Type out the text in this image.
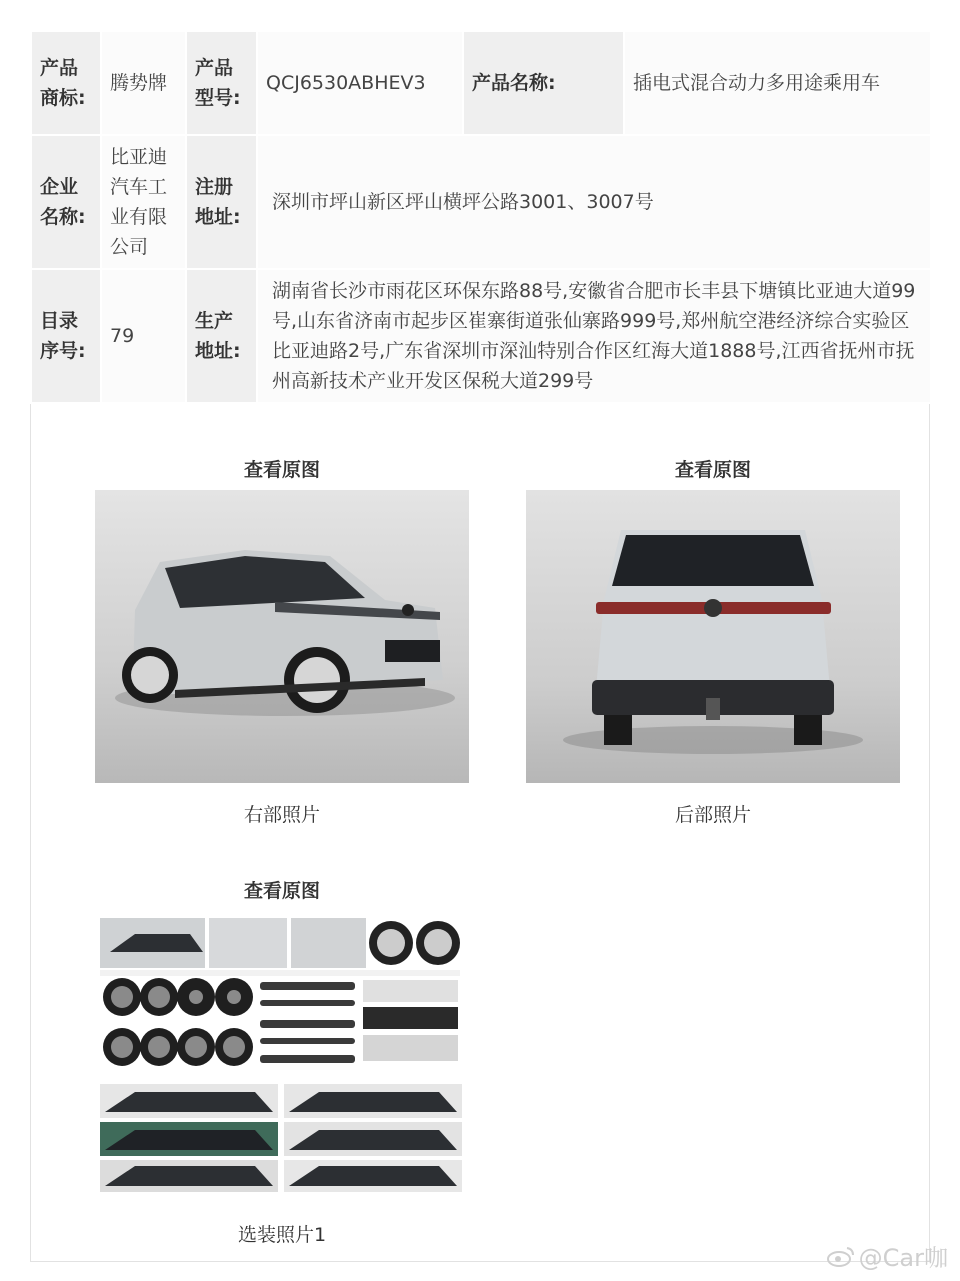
产品商标:	腾势牌	产品型号:	QCJ6530ABHEV3	产品名称:	插电式混合动力多用途乘用车
企业名称:	比亚迪汽车工业有限公司	注册地址:	深圳市坪山新区坪山横坪公路3001、3007号		
目录序号:	79	生产地址:	湖南省长沙市雨花区环保东路88号,安徽省合肥市长丰县下塘镇比亚迪大道99号,山东省济南市起步区崔寨街道张仙寨路999号,郑州航空港经济综合实验区比亚迪路2号,广东省深圳市深汕特别合作区红海大道1888号,江西省抚州市抚州高新技术产业开发区保税大道299号		
查看原图
右部照片
查看原图
后部照片
查看原图
选装照片1
@Car咖
